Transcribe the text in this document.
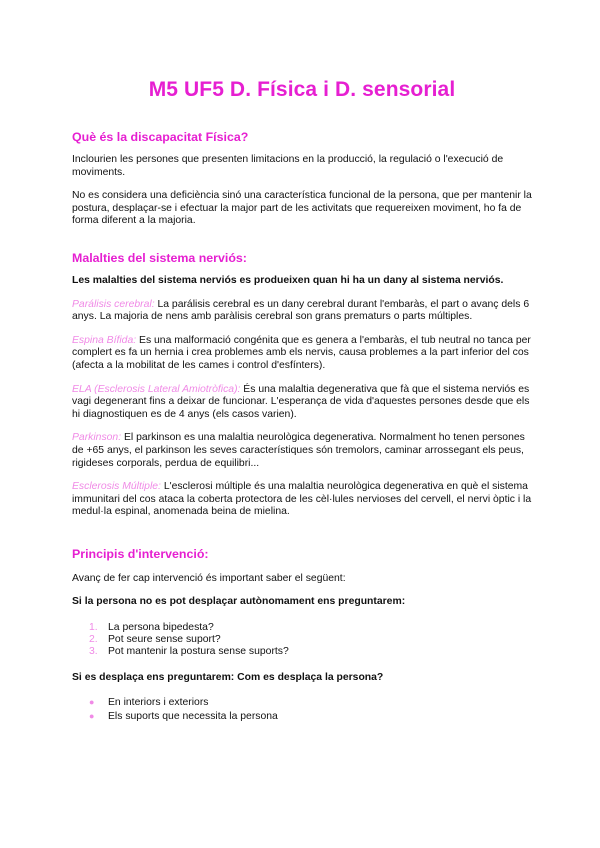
M5 UF5 D. Física i D. sensorial
Què és la discapacitat Física?

Inclourien les persones que presenten limitacions en la producció, la regulació o l'execució de moviments.

No es considera una deficiència sinó una característica funcional de la persona, que per mantenir la postura, desplaçar-se i efectuar la major part de les activitats que requereixen moviment, ho fa de forma diferent a la majoria.

Malalties del sistema nerviós:

Les malalties del sistema nerviós es produeixen quan hi ha un dany al sistema nerviós.

Parálisis cerebral: La parálisis cerebral es un dany cerebral durant l'embaràs, el part o avanç dels 6 anys. La majoria de nens amb paràlisis cerebral son grans prematurs o parts múltiples.

Espina Bífida: Es una malformació congénita que es genera a l'embaràs, el tub neutral no tanca per complert es fa un hernia i crea problemes amb els nervis, causa problemes a la part inferior del cos (afecta a la mobilitat de les cames i control d'esfínters).

ELA (Esclerosis Lateral Amiotròfica): És una malaltia degenerativa que fà que el sistema nerviós es vagi degenerant fins a deixar de funcionar. L'esperança de vida d'aquestes persones desde que els hi diagnostiquen es de 4 anys (els casos varien).

Parkinson: El parkinson es una malaltia neurològica degenerativa. Normalment ho tenen persones de +65 anys, el parkinson les seves característiques són tremolors, caminar arrossegant els peus, rigideses corporals, perdua de equilibri...

Esclerosis Múltiple: L'esclerosi múltiple és una malaltia neurològica degenerativa en què el sistema immunitari del cos ataca la coberta protectora de les cèl·lules nervioses del cervell, el nervi òptic i la medul·la espinal, anomenada beina de mielina.

Principis d'intervenció:

Avanç de fer cap intervenció és important saber el següent:

Si la persona no es pot desplaçar autònomament ens preguntarem:

1. La persona bipedesta?
2. Pot seure sense suport?
3. Pot mantenir la postura sense suports?

Si es desplaça ens preguntarem: Com es desplaça la persona?

● En interiors i exteriors
● Els suports que necessita la persona
